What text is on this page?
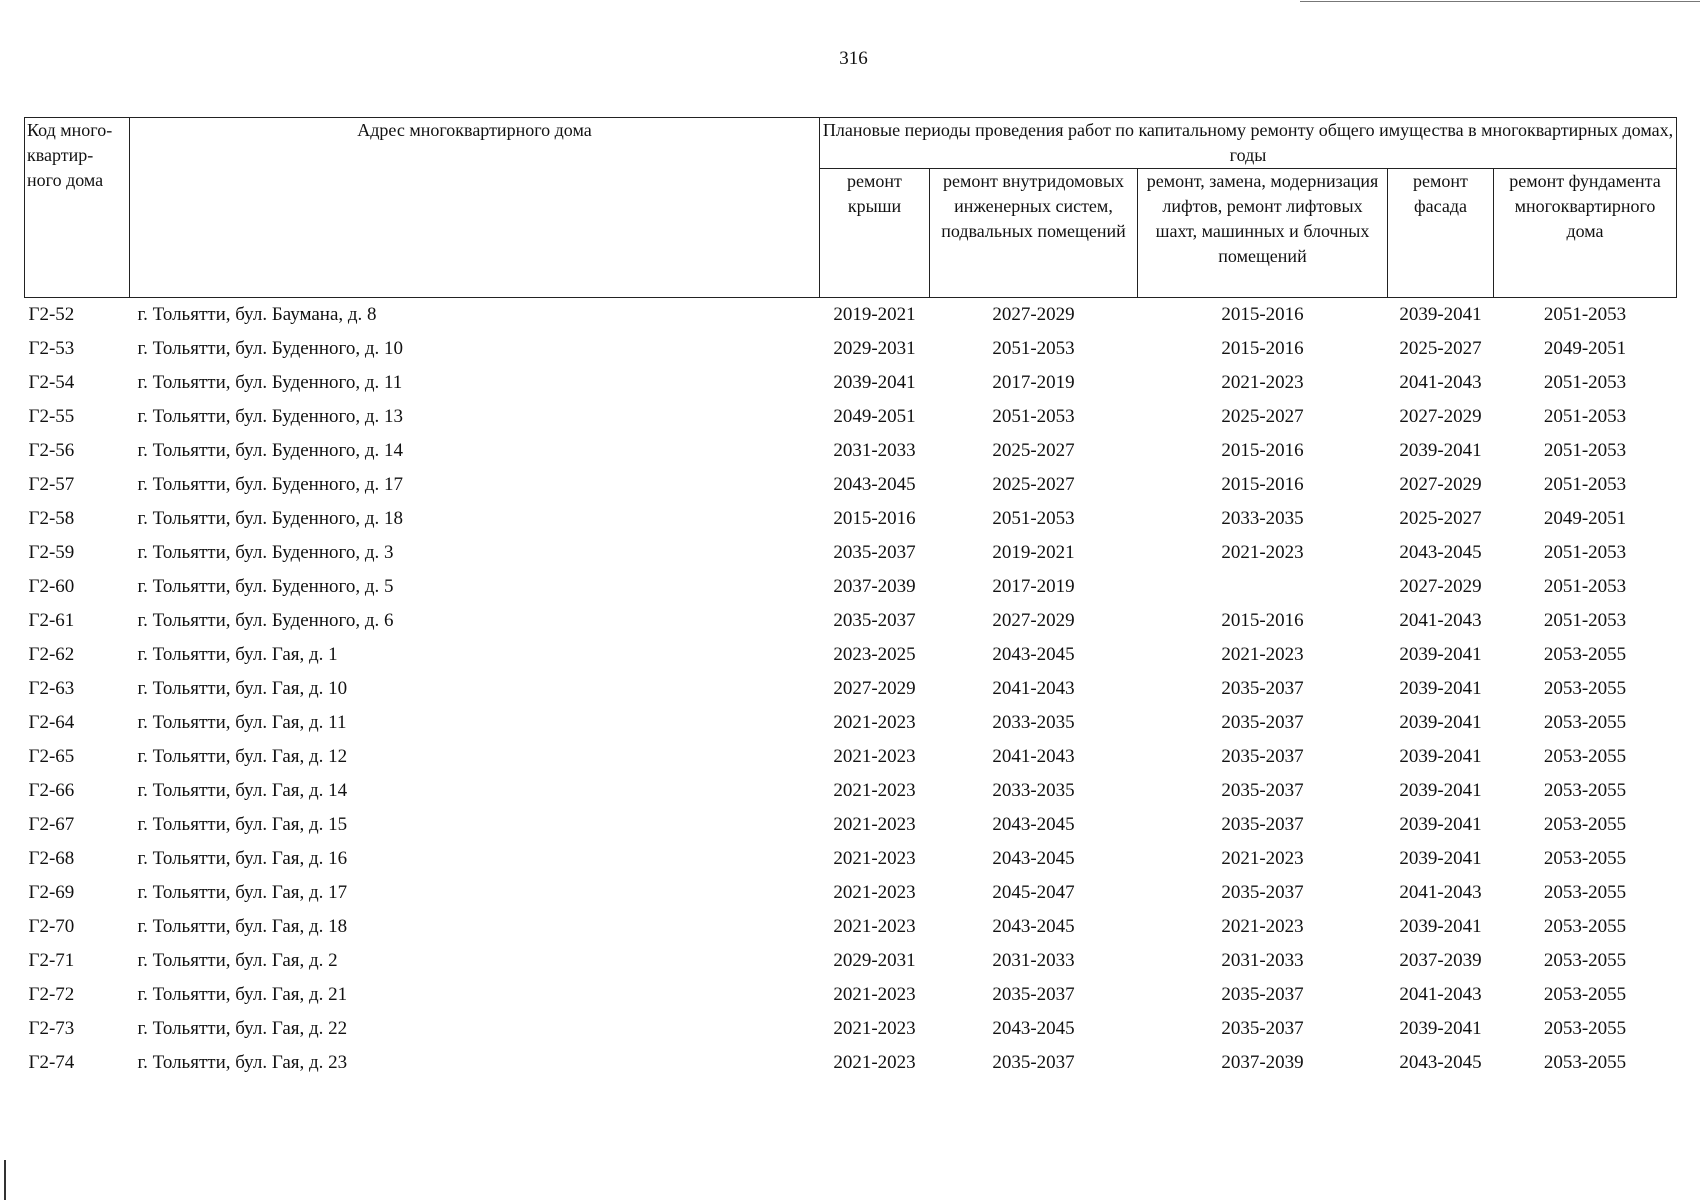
316
Код много-квартир-ного дома	Адрес многоквартирного дома	Плановые периоды проведения работ по капитальному ремонту общего имущества в многоквартирных домах, годы				
		ремонт крыши	ремонт внутридомовых инженерных систем, подвальных помещений	ремонт, замена, модернизация лифтов, ремонт лифтовых шахт, машинных и блочных помещений	ремонт фасада	ремонт фундамента многоквартирного дома
Г2-52	г. Тольятти, бул. Баумана, д. 8	2019-2021	2027-2029	2015-2016	2039-2041	2051-2053
Г2-53	г. Тольятти, бул. Буденного, д. 10	2029-2031	2051-2053	2015-2016	2025-2027	2049-2051
Г2-54	г. Тольятти, бул. Буденного, д. 11	2039-2041	2017-2019	2021-2023	2041-2043	2051-2053
Г2-55	г. Тольятти, бул. Буденного, д. 13	2049-2051	2051-2053	2025-2027	2027-2029	2051-2053
Г2-56	г. Тольятти, бул. Буденного, д. 14	2031-2033	2025-2027	2015-2016	2039-2041	2051-2053
Г2-57	г. Тольятти, бул. Буденного, д. 17	2043-2045	2025-2027	2015-2016	2027-2029	2051-2053
Г2-58	г. Тольятти, бул. Буденного, д. 18	2015-2016	2051-2053	2033-2035	2025-2027	2049-2051
Г2-59	г. Тольятти, бул. Буденного, д. 3	2035-2037	2019-2021	2021-2023	2043-2045	2051-2053
Г2-60	г. Тольятти, бул. Буденного, д. 5	2037-2039	2017-2019		2027-2029	2051-2053
Г2-61	г. Тольятти, бул. Буденного, д. 6	2035-2037	2027-2029	2015-2016	2041-2043	2051-2053
Г2-62	г. Тольятти, бул. Гая, д. 1	2023-2025	2043-2045	2021-2023	2039-2041	2053-2055
Г2-63	г. Тольятти, бул. Гая, д. 10	2027-2029	2041-2043	2035-2037	2039-2041	2053-2055
Г2-64	г. Тольятти, бул. Гая, д. 11	2021-2023	2033-2035	2035-2037	2039-2041	2053-2055
Г2-65	г. Тольятти, бул. Гая, д. 12	2021-2023	2041-2043	2035-2037	2039-2041	2053-2055
Г2-66	г. Тольятти, бул. Гая, д. 14	2021-2023	2033-2035	2035-2037	2039-2041	2053-2055
Г2-67	г. Тольятти, бул. Гая, д. 15	2021-2023	2043-2045	2035-2037	2039-2041	2053-2055
Г2-68	г. Тольятти, бул. Гая, д. 16	2021-2023	2043-2045	2021-2023	2039-2041	2053-2055
Г2-69	г. Тольятти, бул. Гая, д. 17	2021-2023	2045-2047	2035-2037	2041-2043	2053-2055
Г2-70	г. Тольятти, бул. Гая, д. 18	2021-2023	2043-2045	2021-2023	2039-2041	2053-2055
Г2-71	г. Тольятти, бул. Гая, д. 2	2029-2031	2031-2033	2031-2033	2037-2039	2053-2055
Г2-72	г. Тольятти, бул. Гая, д. 21	2021-2023	2035-2037	2035-2037	2041-2043	2053-2055
Г2-73	г. Тольятти, бул. Гая, д. 22	2021-2023	2043-2045	2035-2037	2039-2041	2053-2055
Г2-74	г. Тольятти, бул. Гая, д. 23	2021-2023	2035-2037	2037-2039	2043-2045	2053-2055
